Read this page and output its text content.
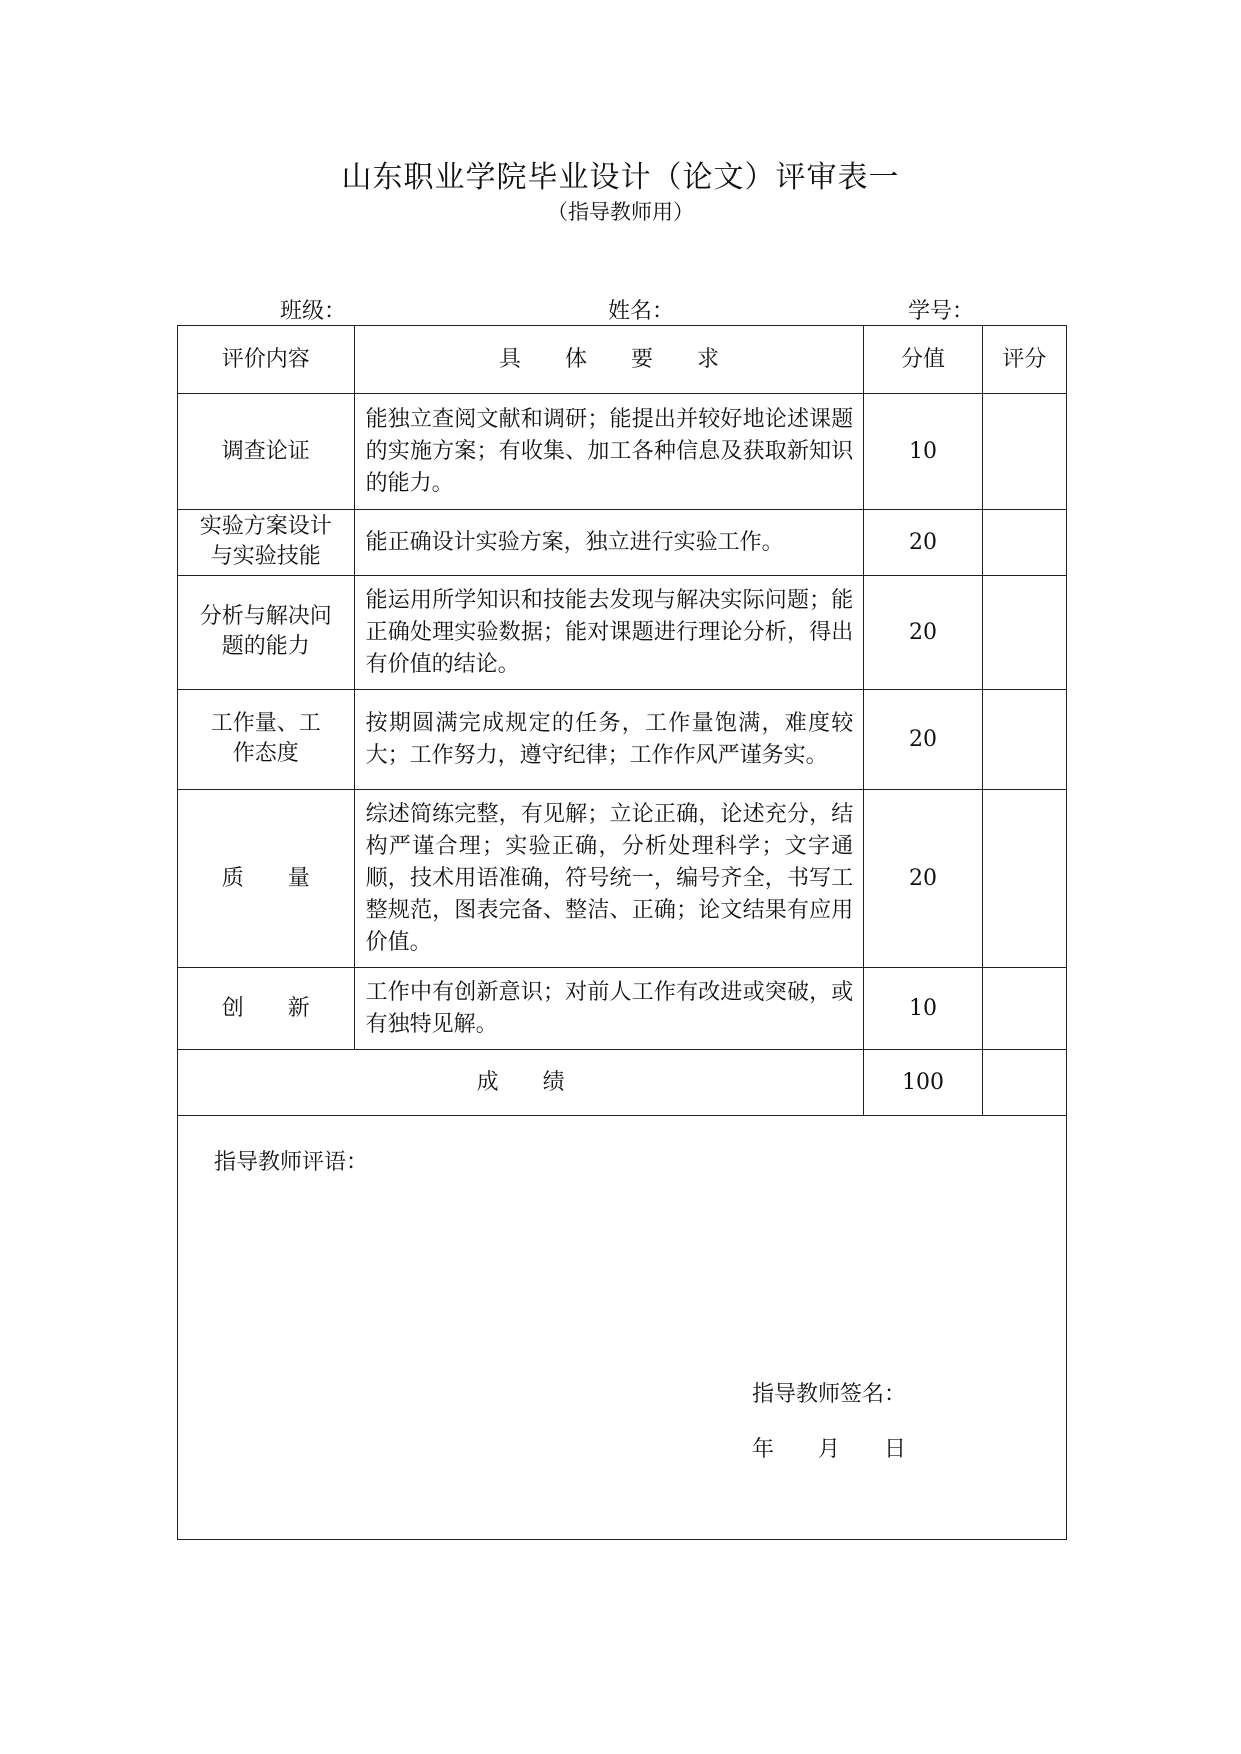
山东职业学院毕业设计（论文）评审表一
（指导教师用）
班级：	姓名：	学号：
评价内容	具　　体　　要　　求	分值	评分
调查论证	能独立查阅文献和调研；能提出并较好地论述课题的实施方案；有收集、加工各种信息及获取新知识的能力。	10	
实验方案设计与实验技能	能正确设计实验方案，独立进行实验工作。	20	
分析与解决问题的能力	能运用所学知识和技能去发现与解决实际问题；能正确处理实验数据；能对课题进行理论分析，得出有价值的结论。	20	
工作量、工作态度	按期圆满完成规定的任务，工作量饱满，难度较大；工作努力，遵守纪律；工作作风严谨务实。	20	
质　　量	综述简练完整，有见解；立论正确，论述充分，结构严谨合理；实验正确，分析处理科学；文字通顺，技术用语准确，符号统一，编号齐全，书写工整规范，图表完备、整洁、正确；论文结果有应用价值。	20	
创　　新	工作中有创新意识；对前人工作有改进或突破，或有独特见解。	10	
成　　绩		100	

指导教师评语：
指导教师签名：
年　　月　　日
